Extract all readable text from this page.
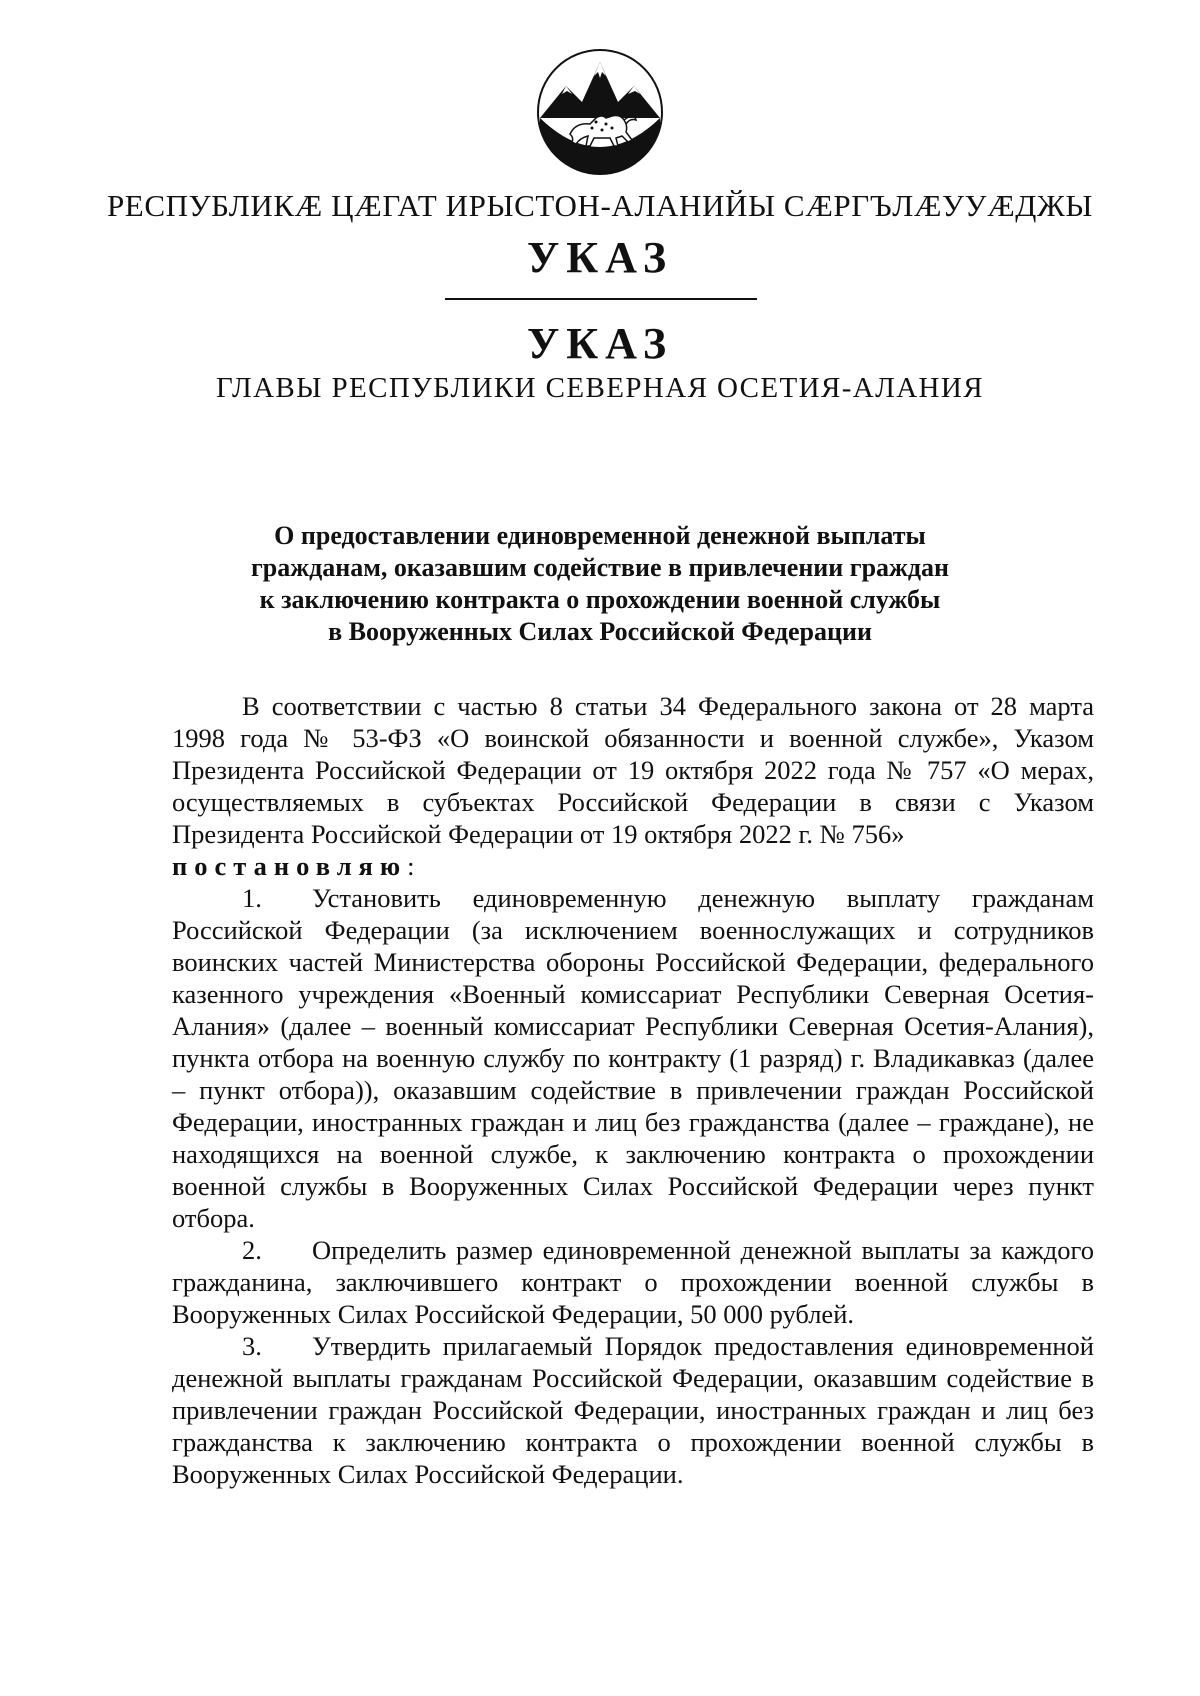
РЕСПУБЛИКӔ ЦӔГАТ ИРЫСТОН-АЛАНИЙЫ СӔРГЪЛӔУУӔДЖЫ
УКАЗ
УКАЗ
ГЛАВЫ РЕСПУБЛИКИ СЕВЕРНАЯ ОСЕТИЯ-АЛАНИЯ
О предоставлении единовременной денежной выплаты
гражданам, оказавшим содействие в привлечении граждан
к заключению контракта о прохождении военной службы
в Вооруженных Силах Российской Федерации

В соответствии с частью 8 статьи 34 Федерального закона от 28 марта 1998 года № 53-ФЗ «О воинской обязанности и военной службе», Указом Президента Российской Федерации от 19 октября 2022 года № 757 «О мерах, осуществляемых в субъектах Российской Федерации в связи с Указом Президента Российской Федерации от 19 октября 2022 г. № 756»

постановляю:

1. Установить единовременную денежную выплату гражданам Российской Федерации (за исключением военнослужащих и сотрудников воинских частей Министерства обороны Российской Федерации, федерального казенного учреждения «Военный комиссариат Республики Северная Осетия-Алания» (далее – военный комиссариат Республики Северная Осетия-Алания), пункта отбора на военную службу по контракту (1 разряд) г. Владикавказ (далее – пункт отбора)), оказавшим содействие в привлечении граждан Российской Федерации, иностранных граждан и лиц без гражданства (далее – граждане), не находящихся на военной службе, к заключению контракта о прохождении военной службы в Вооруженных Силах Российской Федерации через пункт отбора.

2. Определить размер единовременной денежной выплаты за каждого гражданина, заключившего контракт о прохождении военной службы в Вооруженных Силах Российской Федерации, 50 000 рублей.

3. Утвердить прилагаемый Порядок предоставления единовременной денежной выплаты гражданам Российской Федерации, оказавшим содействие в привлечении граждан Российской Федерации, иностранных граждан и лиц без гражданства к заключению контракта о прохождении военной службы в Вооруженных Силах Российской Федерации.
